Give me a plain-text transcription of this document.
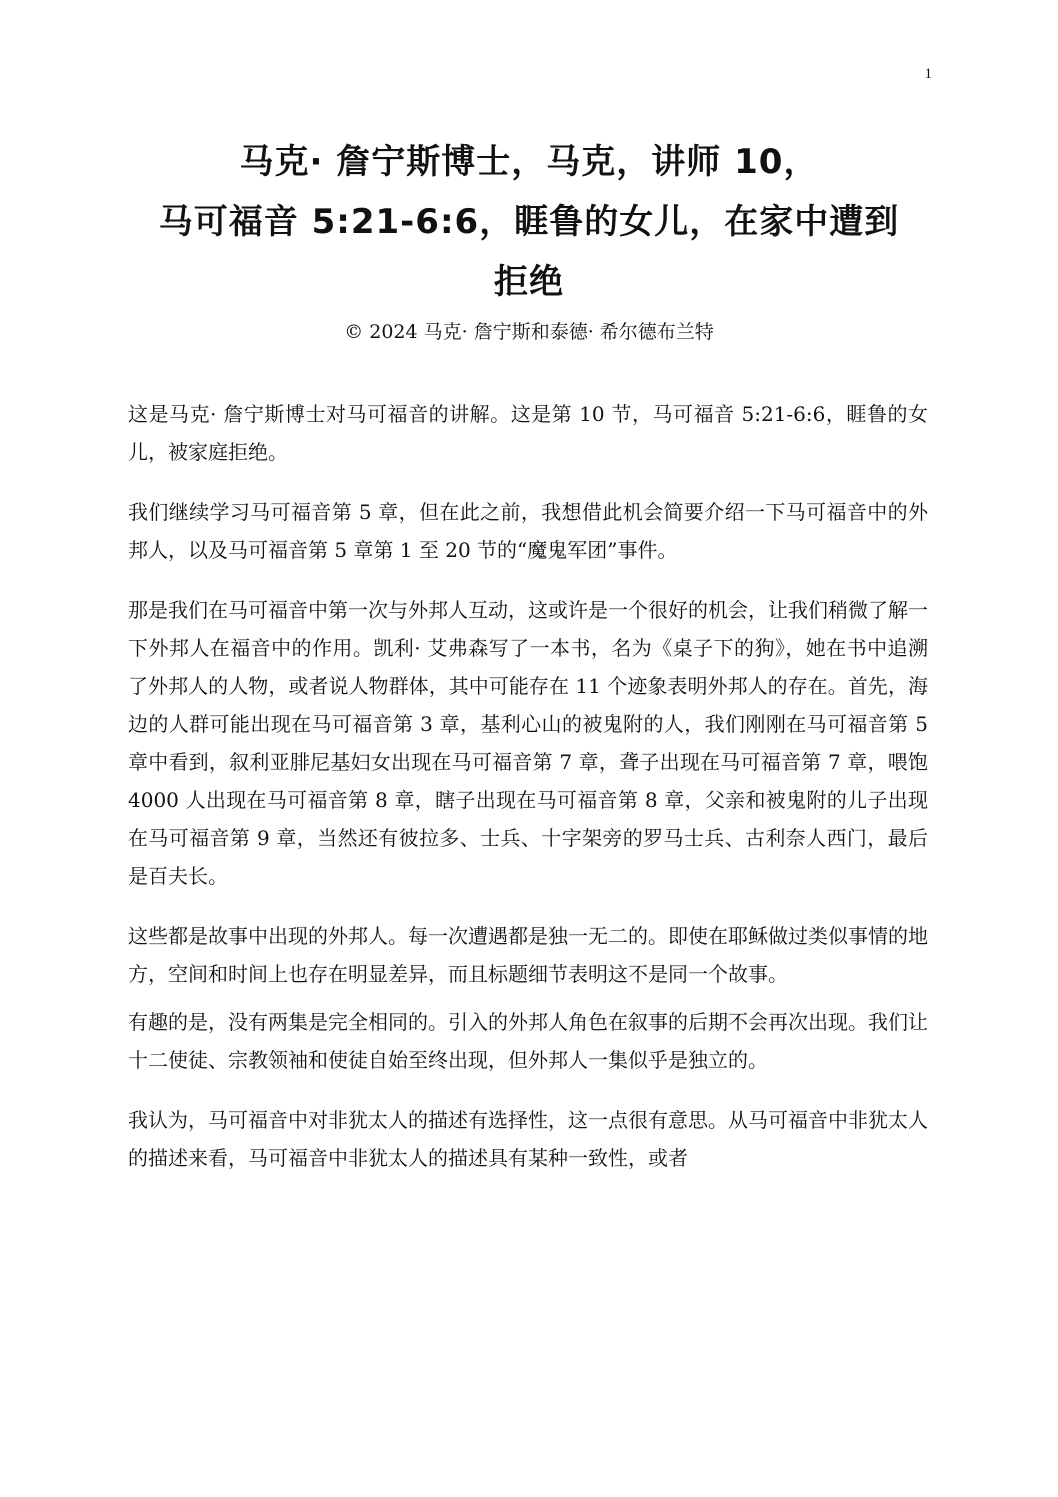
1
马克· 詹宁斯博士，马克，讲师 10，
马可福音 5:21-6:6，睚鲁的女儿，在家中遭到
拒绝
© 2024 马克· 詹宁斯和泰德· 希尔德布兰特

这是马克· 詹宁斯博士对马可福音的讲解。这是第 10 节，马可福音 5:21-6:6，睚鲁的女儿，被家庭拒绝。

我们继续学习马可福音第 5 章，但在此之前，我想借此机会简要介绍一下马可福音中的外邦人，以及马可福音第 5 章第 1 至 20 节的“魔鬼军团”事件。

那是我们在马可福音中第一次与外邦人互动，这或许是一个很好的机会，让我们稍微了解一下外邦人在福音中的作用。凯利· 艾弗森写了一本书，名为《桌子下的狗》，她在书中追溯了外邦人的人物，或者说人物群体，其中可能存在 11 个迹象表明外邦人的存在。首先，海边的人群可能出现在马可福音第 3 章，基利心山的被鬼附的人，我们刚刚在马可福音第 5 章中看到，叙利亚腓尼基妇女出现在马可福音第 7 章，聋子出现在马可福音第 7 章，喂饱 4000 人出现在马可福音第 8 章，瞎子出现在马可福音第 8 章，父亲和被鬼附的儿子出现在马可福音第 9 章，当然还有彼拉多、士兵、十字架旁的罗马士兵、古利奈人西门，最后是百夫长。

这些都是故事中出现的外邦人。每一次遭遇都是独一无二的。即使在耶稣做过类似事情的地方，空间和时间上也存在明显差异，而且标题细节表明这不是同一个故事。

有趣的是，没有两集是完全相同的。引入的外邦人角色在叙事的后期不会再次出现。我们让十二使徒、宗教领袖和使徒自始至终出现，但外邦人一集似乎是独立的。

我认为，马可福音中对非犹太人的描述有选择性，这一点很有意思。从马可福音中非犹太人的描述来看，马可福音中非犹太人的描述具有某种一致性，或者
